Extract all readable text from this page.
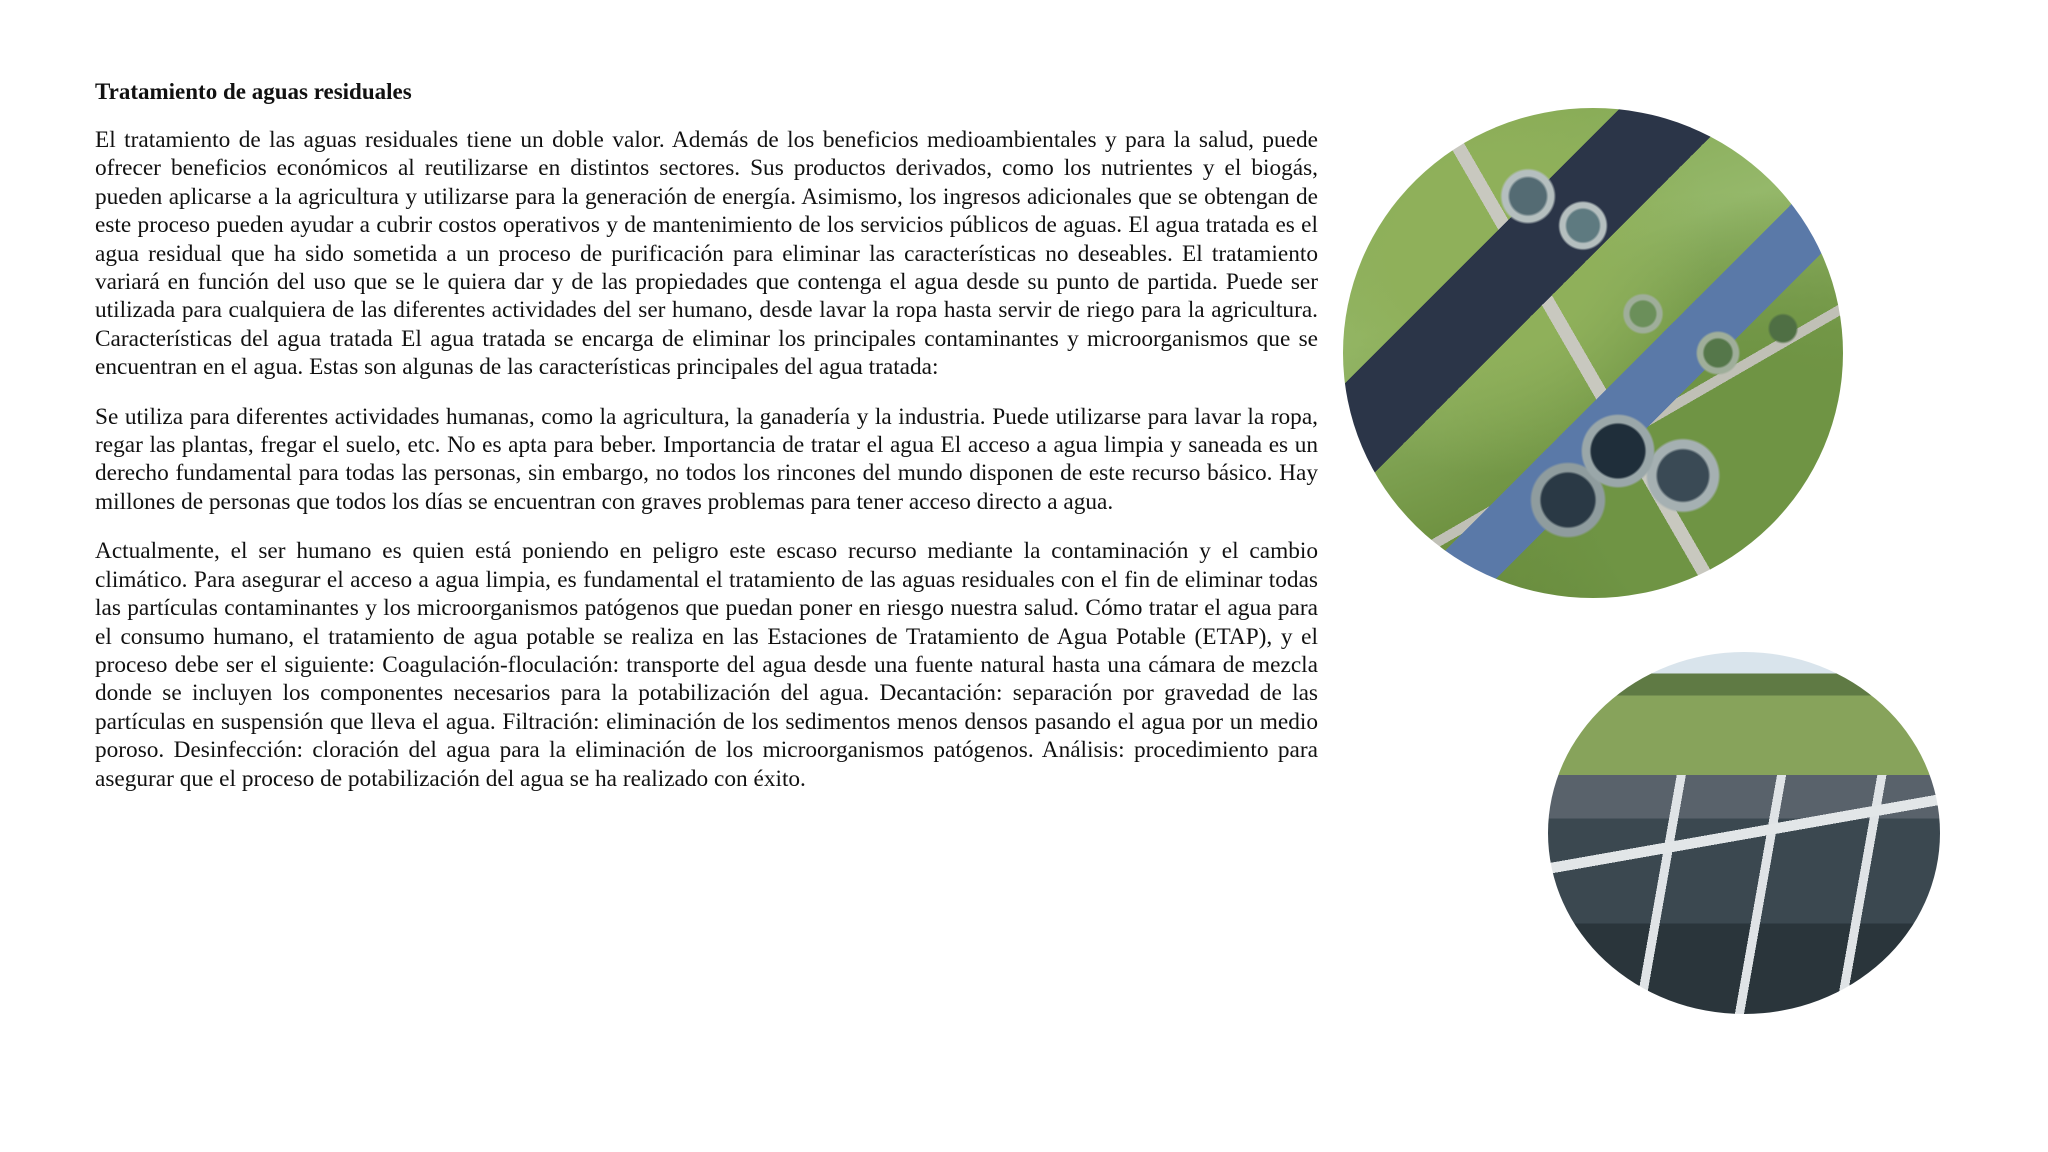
Tratamiento de aguas residuales

El tratamiento de las aguas residuales tiene un doble valor. Además de los beneficios medioambientales y para la salud, puede ofrecer beneficios económicos al reutilizarse en distintos sectores. Sus productos derivados, como los nutrientes y el biogás, pueden aplicarse a la agricultura y utilizarse para la generación de energía. Asimismo, los ingresos adicionales que se obtengan de este proceso pueden ayudar a cubrir costos operativos y de mantenimiento de los servicios públicos de aguas. El agua tratada es el agua residual que ha sido sometida a un proceso de purificación para eliminar las características no deseables. El tratamiento variará en función del uso que se le quiera dar y de las propiedades que contenga el agua desde su punto de partida. Puede ser utilizada para cualquiera de las diferentes actividades del ser humano, desde lavar la ropa hasta servir de riego para la agricultura. Características del agua tratada El agua tratada se encarga de eliminar los principales contaminantes y microorganismos que se encuentran en el agua. Estas son algunas de las características principales del agua tratada:

Se utiliza para diferentes actividades humanas, como la agricultura, la ganadería y la industria. Puede utilizarse para lavar la ropa, regar las plantas, fregar el suelo, etc. No es apta para beber. Importancia de tratar el agua El acceso a agua limpia y saneada es un derecho fundamental para todas las personas, sin embargo, no todos los rincones del mundo disponen de este recurso básico. Hay millones de personas que todos los días se encuentran con graves problemas para tener acceso directo a agua.

Actualmente, el ser humano es quien está poniendo en peligro este escaso recurso mediante la contaminación y el cambio climático. Para asegurar el acceso a agua limpia, es fundamental el tratamiento de las aguas residuales con el fin de eliminar todas las partículas contaminantes y los microorganismos patógenos que puedan poner en riesgo nuestra salud. Cómo tratar el agua para el consumo humano, el tratamiento de agua potable se realiza en las Estaciones de Tratamiento de Agua Potable (ETAP), y el proceso debe ser el siguiente: Coagulación-floculación: transporte del agua desde una fuente natural hasta una cámara de mezcla donde se incluyen los componentes necesarios para la potabilización del agua. Decantación: separación por gravedad de las partículas en suspensión que lleva el agua. Filtración: eliminación de los sedimentos menos densos pasando el agua por un medio poroso. Desinfección: cloración del agua para la eliminación de los microorganismos patógenos. Análisis: procedimiento para asegurar que el proceso de potabilización del agua se ha realizado con éxito.
